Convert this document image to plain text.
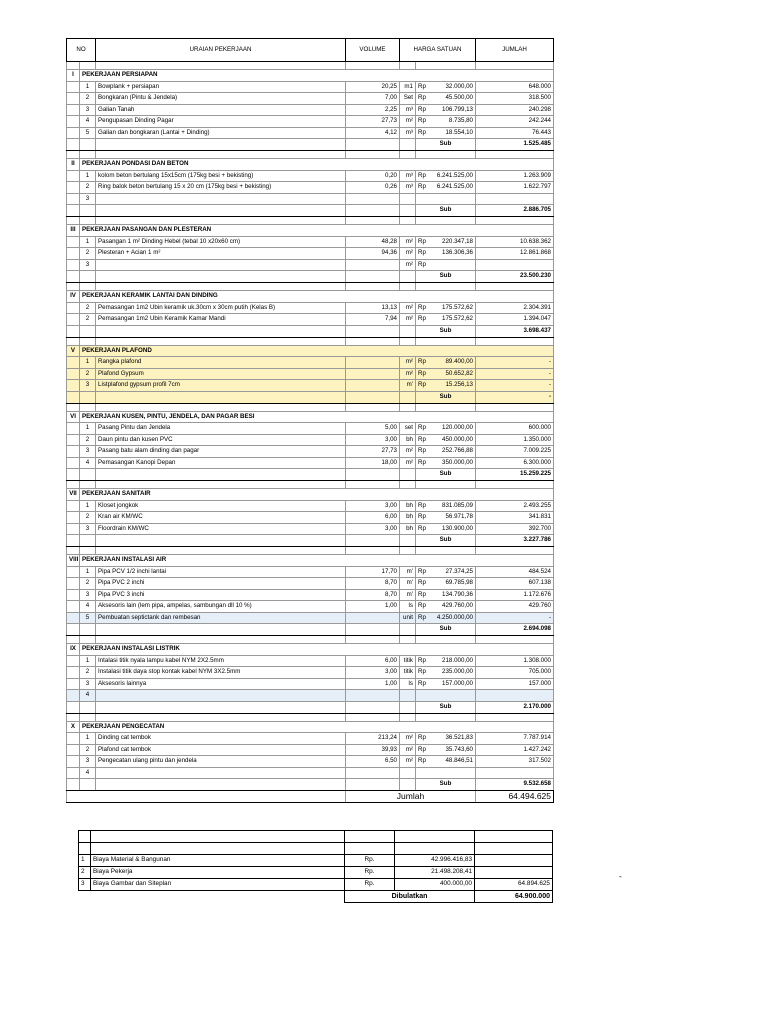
NO		URAIAN PEKERJAAN	VOLUME	HARGA SATUAN		JUMLAH

I	PEKERJAAN PERSIAPAN					
	1	Bowplank + persiapan	20,25	m1	Rp 32.000,00	648.000
	2	Bongkaran (Pintu & Jendela)	7,00	Set	Rp 45.500,00	318.500
	3	Galian Tanah	2,25	m³	Rp 106.799,13	240.298
	4	Pengupasan Dinding Pagar	27,73	m²	Rp 8.735,80	242.244
	5	Galian dan bongkaran (Lantai + Dinding)	4,12	m³	Rp 18.554,10	76.443
					Sub	1.525.485

II	PEKERJAAN PONDASI DAN BETON					
	1	kolom beton bertulang 15x15cm (175kg besi + bekisting)	0,20	m³	Rp 6.241.525,00	1.263.909
	2	Ring balok beton bertulang 15 x 20 cm (175kg besi + bekisting)	0,26	m³	Rp 6.241.525,00	1.622.797
	3				

					Sub	2.886.705

III	PEKERJAAN PASANGAN DAN PLESTERAN					
	1	Pasangan 1 m² Dinding Hebel (tebal 10 x20x60 cm)	48,28	m²	Rp 220.347,18	10.638.362
	2	Plesteran + Acian 1 m²	94,36	m²	Rp 136.306,36	12.861.868
	3			m²	Rp	

					Sub	23.500.230

IV	PEKERJAAN KERAMIK LANTAI DAN DINDING					
	2	Pemasangan 1m2 Ubin keramik uk.30cm x 30cm putih (Kelas B)	13,13	m²	Rp 175.572,62	2.304.391
	2	Pemasangan 1m2 Ubin Keramik Kamar Mandi	7,94	m²	Rp 175.572,62	1.394.047
					Sub	3.698.437

V	PEKERJAAN PLAFOND					
	1	Rangka plafond		m²	Rp 89.400,00	-
	2	Plafond Gypsum		m²	Rp 50.652,82	-
	3	Listplafond gypsum profil 7cm		m'	Rp 15.256,13	-
					Sub	-

VI	PEKERJAAN KUSEN, PINTU, JENDELA, DAN PAGAR BESI					
	1	Pasang Pintu dan Jendela	5,00	set	Rp 120.000,00	600.000
	2	Daun pintu dan kusen PVC	3,00	bh	Rp 450.000,00	1.350.000
	3	Pasang batu alam dinding dan pagar	27,73	m²	Rp 252.766,88	7.009.225
	4	Pemasangan Kanopi Depan	18,00	m²	Rp 350.000,00	6.300.000
					Sub	15.259.225

VII	PEKERJAAN SANITAIR					
	1	Kloset jongkok	3,00	bh	Rp 831.085,09	2.493.255
	2	Kran air KM/WC	6,00	bh	Rp 56.971,78	341.831
	3	Floordrain KM/WC	3,00	bh	Rp 130.900,00	392.700
					Sub	3.227.786

VIII	PEKERJAAN INSTALASI AIR					
	1	Pipa PCV 1/2 inchi lantai	17,70	m'	Rp 27.374,25	484.524
	2	Pipa PVC 2 inchi	8,70	m'	Rp 69.785,98	607.138
	3	Pipa PVC 3 inchi	8,70	m'	Rp 134.790,36	1.172.676
	4	Aksesoris lain (lem pipa, ampelas, sambungan dll 10 %)	1,00	ls	Rp 429.760,00	429.760
	5	Pembuatan septictank dan rembesan		unit	Rp 4.250.000,00	-
					Sub	2.694.098

IX	PEKERJAAN INSTALASI LISTRIK					
	1	Intalasi titik nyala lampu kabel NYM 2X2.5mm	6,00	titik	Rp 218.000,00	1.308.000
	2	Instalasi titik daya stop kontak kabel NYM 3X2.5mm	3,00	titik	Rp 235.000,00	705.000
	3	Aksesoris lainnya	1,00	ls	Rp 157.000,00	157.000
	4				

					Sub	2.170.000

X	PEKERJAAN PENGECATAN					
	1	Dinding cat tembok	213,24	m²	Rp 36.521,83	7.787.914
	2	Plafond cat tembok	39,93	m²	Rp 35.743,60	1.427.242
	3	Pengecatan ulang pintu dan jendela	6,50	m²	Rp 48.846,51	317.502
	4				

					Sub	9.532.658
			Jumlah			64.494.625

1	Biaya Material & Bangunan	Rp.	42.996.416,83	
2	Biaya Pekerja	Rp.	21.498.208,41	
3	Biaya Gambar dan Siteplan	Rp.	400.000,00	64.894.625
		Dibulatkan		64.900.000
-
